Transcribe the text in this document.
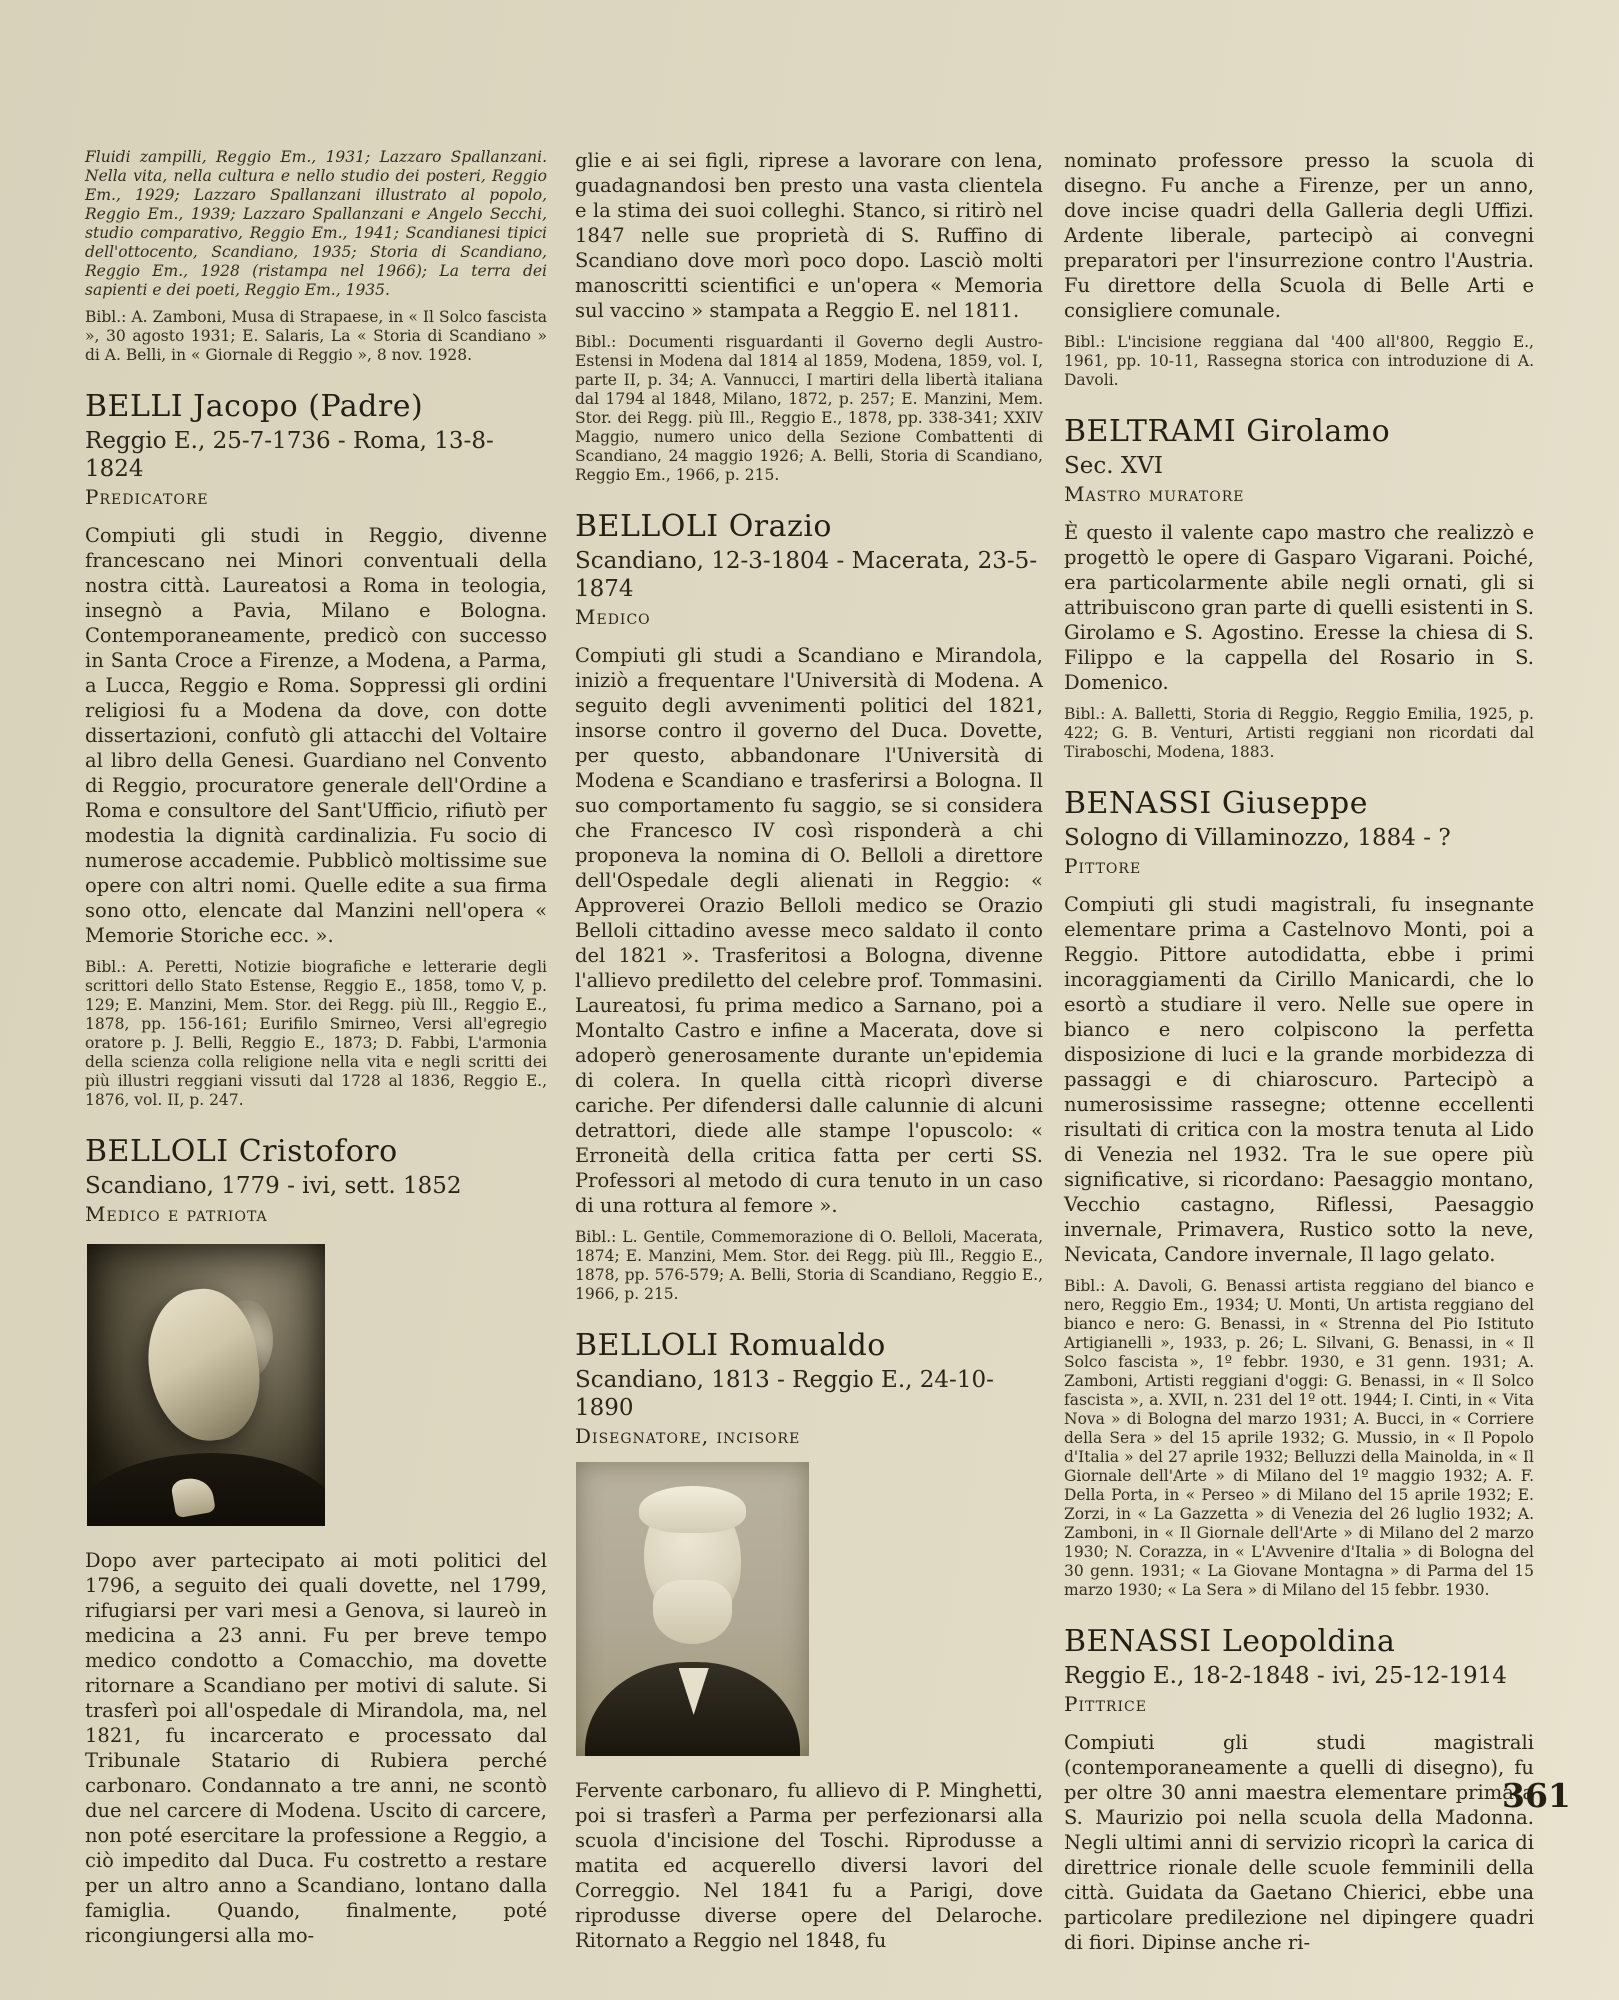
Fluidi zampilli, Reggio Em., 1931; Lazzaro Spallanzani. Nella vita, nella cultura e nello studio dei posteri, Reggio Em., 1929; Lazzaro Spallanzani illustrato al popolo, Reggio Em., 1939; Lazzaro Spallanzani e Angelo Secchi, studio comparativo, Reggio Em., 1941; Scandianesi tipici dell'ottocento, Scandiano, 1935; Storia di Scandiano, Reggio Em., 1928 (ristampa nel 1966); La terra dei sapienti e dei poeti, Reggio Em., 1935.

Bibl.: A. Zamboni, Musa di Strapaese, in « Il Solco fascista », 30 agosto 1931; E. Salaris, La « Storia di Scandiano » di A. Belli, in « Giornale di Reggio », 8 nov. 1928.

BELLI Jacopo (Padre)

Reggio E., 25-7-1736 - Roma, 13-8-1824

Predicatore

Compiuti gli studi in Reggio, divenne francescano nei Minori conventuali della nostra città. Laureatosi a Roma in teologia, insegnò a Pavia, Milano e Bologna. Contemporaneamente, predicò con successo in Santa Croce a Firenze, a Modena, a Parma, a Lucca, Reggio e Roma. Soppressi gli ordini religiosi fu a Modena da dove, con dotte dissertazioni, confutò gli attacchi del Voltaire al libro della Genesi. Guardiano nel Convento di Reggio, procuratore generale dell'Ordine a Roma e consultore del Sant'Ufficio, rifiutò per modestia la dignità cardinalizia. Fu socio di numerose accademie. Pubblicò moltissime sue opere con altri nomi. Quelle edite a sua firma sono otto, elencate dal Manzini nell'opera « Memorie Storiche ecc. ».

Bibl.: A. Peretti, Notizie biografiche e letterarie degli scrittori dello Stato Estense, Reggio E., 1858, tomo V, p. 129; E. Manzini, Mem. Stor. dei Regg. più Ill., Reggio E., 1878, pp. 156-161; Eurifilo Smirneo, Versi all'egregio oratore p. J. Belli, Reggio E., 1873; D. Fabbi, L'armonia della scienza colla religione nella vita e negli scritti dei più illustri reggiani vissuti dal 1728 al 1836, Reggio E., 1876, vol. II, p. 247.

BELLOLI Cristoforo

Scandiano, 1779 - ivi, sett. 1852

Medico e patriota

Dopo aver partecipato ai moti politici del 1796, a seguito dei quali dovette, nel 1799, rifugiarsi per vari mesi a Genova, si laureò in medicina a 23 anni. Fu per breve tempo medico condotto a Comacchio, ma dovette ritornare a Scandiano per motivi di salute. Si trasferì poi all'ospedale di Mirandola, ma, nel 1821, fu incarcerato e processato dal Tribunale Statario di Rubiera perché carbonaro. Condannato a tre anni, ne scontò due nel carcere di Modena. Uscito di carcere, non poté esercitare la professione a Reggio, a ciò impedito dal Duca. Fu costretto a restare per un altro anno a Scandiano, lontano dalla famiglia. Quando, finalmente, poté ricongiungersi alla mo-

glie e ai sei figli, riprese a lavorare con lena, guadagnandosi ben presto una vasta clientela e la stima dei suoi colleghi. Stanco, si ritirò nel 1847 nelle sue proprietà di S. Ruffino di Scandiano dove morì poco dopo. Lasciò molti manoscritti scientifici e un'opera « Memoria sul vaccino » stampata a Reggio E. nel 1811.

Bibl.: Documenti risguardanti il Governo degli Austro-Estensi in Modena dal 1814 al 1859, Modena, 1859, vol. I, parte II, p. 34; A. Vannucci, I martiri della libertà italiana dal 1794 al 1848, Milano, 1872, p. 257; E. Manzini, Mem. Stor. dei Regg. più Ill., Reggio E., 1878, pp. 338-341; XXIV Maggio, numero unico della Sezione Combattenti di Scandiano, 24 maggio 1926; A. Belli, Storia di Scandiano, Reggio Em., 1966, p. 215.

BELLOLI Orazio

Scandiano, 12-3-1804 - Macerata, 23-5-1874

Medico

Compiuti gli studi a Scandiano e Mirandola, iniziò a frequentare l'Università di Modena. A seguito degli avvenimenti politici del 1821, insorse contro il governo del Duca. Dovette, per questo, abbandonare l'Università di Modena e Scandiano e trasferirsi a Bologna. Il suo comportamento fu saggio, se si considera che Francesco IV così risponderà a chi proponeva la nomina di O. Belloli a direttore dell'Ospedale degli alienati in Reggio: « Approverei Orazio Belloli medico se Orazio Belloli cittadino avesse meco saldato il conto del 1821 ». Trasferitosi a Bologna, divenne l'allievo prediletto del celebre prof. Tommasini. Laureatosi, fu prima medico a Sarnano, poi a Montalto Castro e infine a Macerata, dove si adoperò generosamente durante un'epidemia di colera. In quella città ricoprì diverse cariche. Per difendersi dalle calunnie di alcuni detrattori, diede alle stampe l'opuscolo: « Erroneità della critica fatta per certi SS. Professori al metodo di cura tenuto in un caso di una rottura al femore ».

Bibl.: L. Gentile, Commemorazione di O. Belloli, Macerata, 1874; E. Manzini, Mem. Stor. dei Regg. più Ill., Reggio E., 1878, pp. 576-579; A. Belli, Storia di Scandiano, Reggio E., 1966, p. 215.

BELLOLI Romualdo

Scandiano, 1813 - Reggio E., 24-10-1890

Disegnatore, incisore

Fervente carbonaro, fu allievo di P. Minghetti, poi si trasferì a Parma per perfezionarsi alla scuola d'incisione del Toschi. Riprodusse a matita ed acquerello diversi lavori del Correggio. Nel 1841 fu a Parigi, dove riprodusse diverse opere del Delaroche. Ritornato a Reggio nel 1848, fu

nominato professore presso la scuola di disegno. Fu anche a Firenze, per un anno, dove incise quadri della Galleria degli Uffizi. Ardente liberale, partecipò ai convegni preparatori per l'insurrezione contro l'Austria. Fu direttore della Scuola di Belle Arti e consigliere comunale.

Bibl.: L'incisione reggiana dal '400 all'800, Reggio E., 1961, pp. 10-11, Rassegna storica con introduzione di A. Davoli.

BELTRAMI Girolamo

Sec. XVI

Mastro muratore

È questo il valente capo mastro che realizzò e progettò le opere di Gasparo Vigarani. Poiché, era particolarmente abile negli ornati, gli si attribuiscono gran parte di quelli esistenti in S. Girolamo e S. Agostino. Eresse la chiesa di S. Filippo e la cappella del Rosario in S. Domenico.

Bibl.: A. Balletti, Storia di Reggio, Reggio Emilia, 1925, p. 422; G. B. Venturi, Artisti reggiani non ricordati dal Tiraboschi, Modena, 1883.

BENASSI Giuseppe

Sologno di Villaminozzo, 1884 - ?

Pittore

Compiuti gli studi magistrali, fu insegnante elementare prima a Castelnovo Monti, poi a Reggio. Pittore autodidatta, ebbe i primi incoraggiamenti da Cirillo Manicardi, che lo esortò a studiare il vero. Nelle sue opere in bianco e nero colpiscono la perfetta disposizione di luci e la grande morbidezza di passaggi e di chiaroscuro. Partecipò a numerosissime rassegne; ottenne eccellenti risultati di critica con la mostra tenuta al Lido di Venezia nel 1932. Tra le sue opere più significative, si ricordano: Paesaggio montano, Vecchio castagno, Riflessi, Paesaggio invernale, Primavera, Rustico sotto la neve, Nevicata, Candore invernale, Il lago gelato.

Bibl.: A. Davoli, G. Benassi artista reggiano del bianco e nero, Reggio Em., 1934; U. Monti, Un artista reggiano del bianco e nero: G. Benassi, in « Strenna del Pio Istituto Artigianelli », 1933, p. 26; L. Silvani, G. Benassi, in « Il Solco fascista », 1º febbr. 1930, e 31 genn. 1931; A. Zamboni, Artisti reggiani d'oggi: G. Benassi, in « Il Solco fascista », a. XVII, n. 231 del 1º ott. 1944; I. Cinti, in « Vita Nova » di Bologna del marzo 1931; A. Bucci, in « Corriere della Sera » del 15 aprile 1932; G. Mussio, in « Il Popolo d'Italia » del 27 aprile 1932; Belluzzi della Mainolda, in « Il Giornale dell'Arte » di Milano del 1º maggio 1932; A. F. Della Porta, in « Perseo » di Milano del 15 aprile 1932; E. Zorzi, in « La Gazzetta » di Venezia del 26 luglio 1932; A. Zamboni, in « Il Giornale dell'Arte » di Milano del 2 marzo 1930; N. Corazza, in « L'Avvenire d'Italia » di Bologna del 30 genn. 1931; « La Giovane Montagna » di Parma del 15 marzo 1930; « La Sera » di Milano del 15 febbr. 1930.

BENASSI Leopoldina

Reggio E., 18-2-1848 - ivi, 25-12-1914

Pittrice

Compiuti gli studi magistrali (contemporaneamente a quelli di disegno), fu per oltre 30 anni maestra elementare prima a S. Maurizio poi nella scuola della Madonna. Negli ultimi anni di servizio ricoprì la carica di direttrice rionale delle scuole femminili della città. Guidata da Gaetano Chierici, ebbe una particolare predilezione nel dipingere quadri di fiori. Dipinse anche ri-

361
